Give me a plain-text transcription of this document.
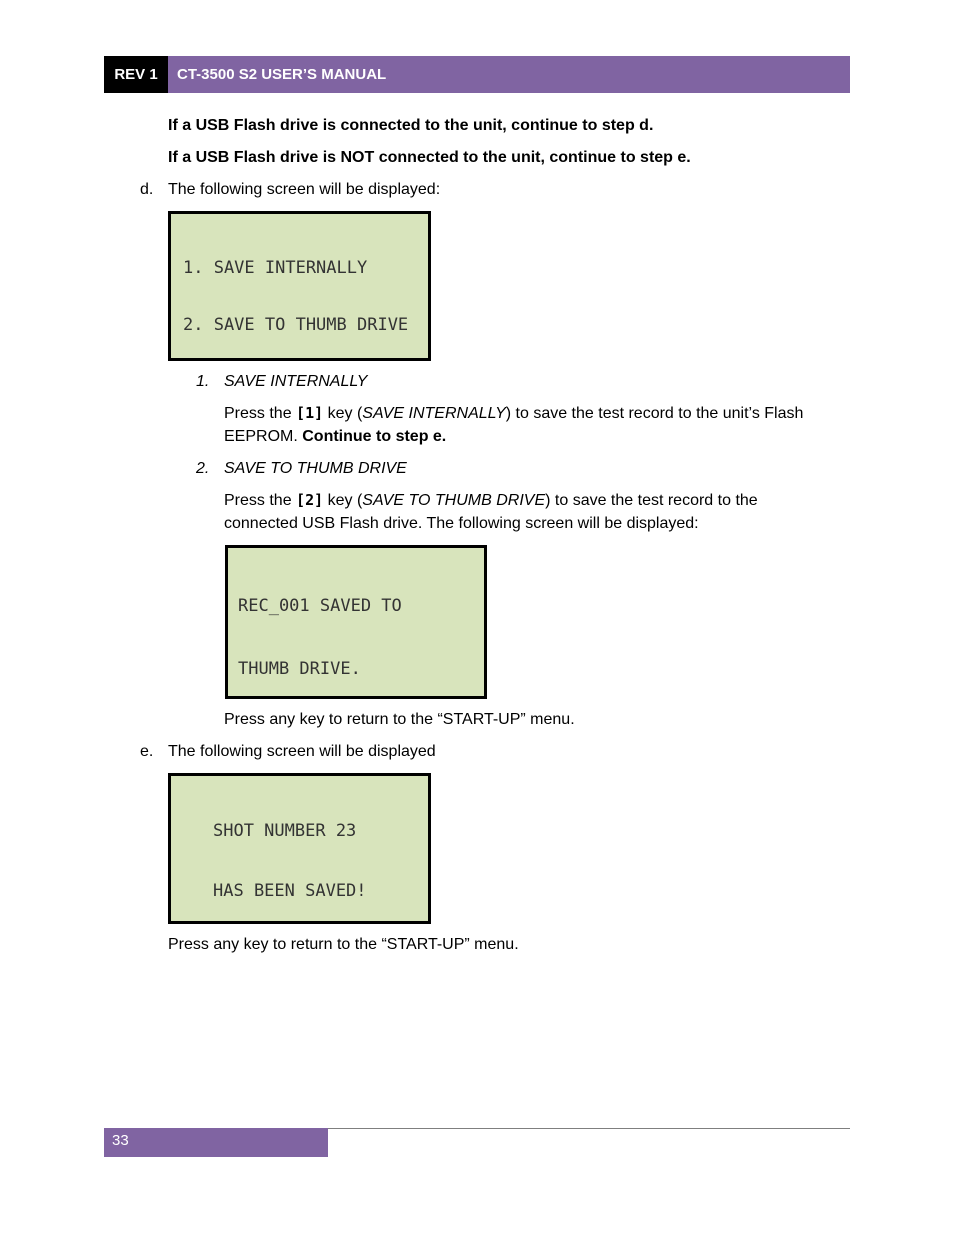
REV 1	CT-3500 S2 USER’S MANUAL
If a USB Flash drive is connected to the unit, continue to step d.
If a USB Flash drive is NOT connected to the unit, continue to step e.
d. The following screen will be displayed:

1. SAVE INTERNALLY

2. SAVE TO THUMB DRIVE

1. SAVE INTERNALLY
Press the [1] key (SAVE INTERNALLY) to save the test record to the unit’s Flash
EEPROM. Continue to step e.
2. SAVE TO THUMB DRIVE
Press the [2] key (SAVE TO THUMB DRIVE) to save the test record to the
connected USB Flash drive. The following screen will be displayed:

REC_001 SAVED TO

THUMB DRIVE.

Press any key to return to the “START-UP” menu.
e. The following screen will be displayed

SHOT NUMBER 23

HAS BEEN SAVED!

Press any key to return to the “START-UP” menu.
33
